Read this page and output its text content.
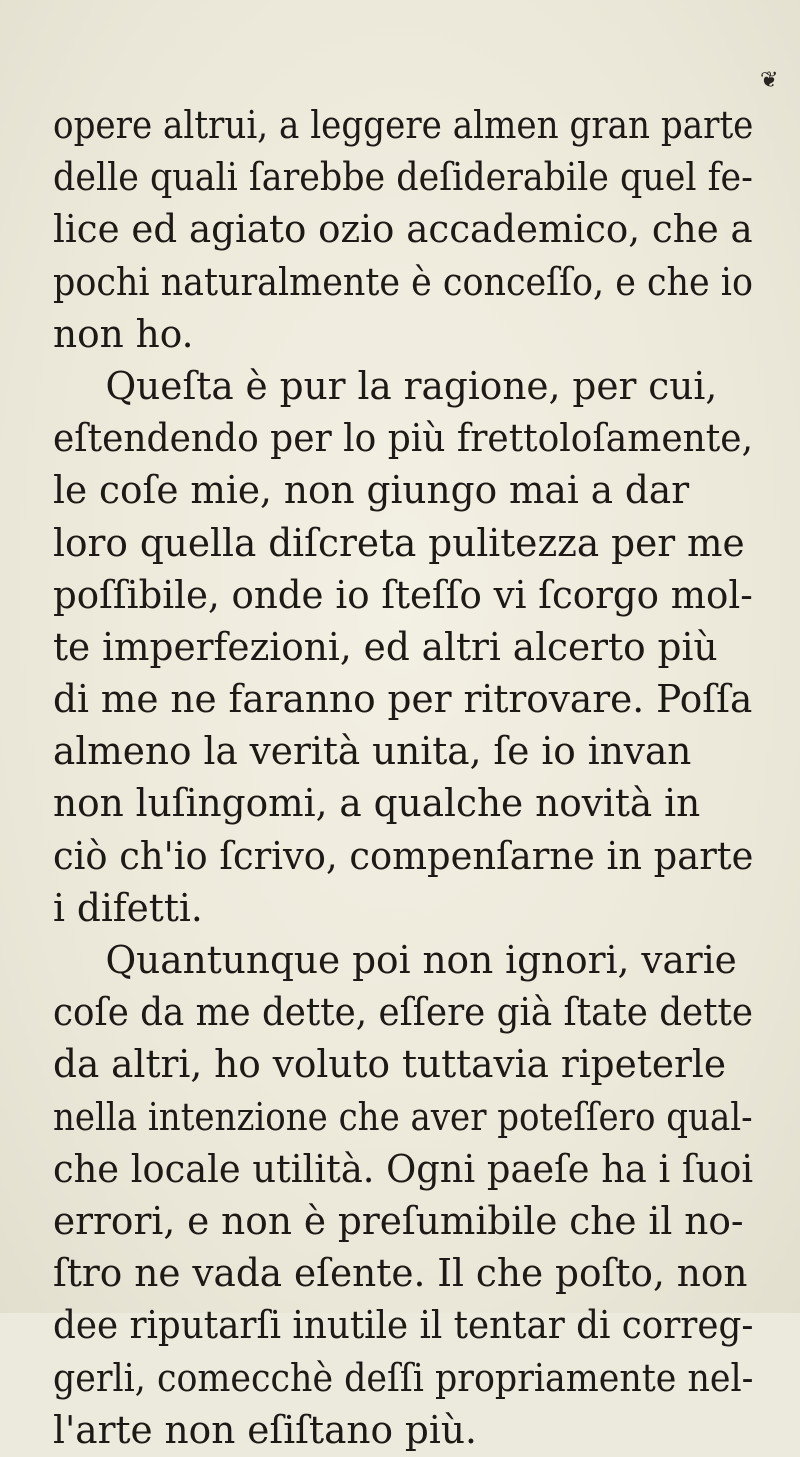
❦
opere altrui, a leggere almen gran parte
delle quali ſarebbe deſiderabile quel fe-
lice ed agiato ozio accademico, che a
pochi naturalmente è conceſſo, e che io
non ho.
Queſta è pur la ragione, per cui,
eſtendendo per lo più frettoloſamente,
le coſe mie, non giungo mai a dar
loro quella diſcreta pulitezza per me
poſſibile, onde io ſteſſo vi ſcorgo mol-
te imperfezioni, ed altri alcerto più
di me ne faranno per ritrovare. Poſſa
almeno la verità unita, ſe io invan
non luſingomi, a qualche novità in
ciò ch'io ſcrivo, compenſarne in parte
i difetti.
Quantunque poi non ignori, varie
coſe da me dette, eſſere già ſtate dette
da altri, ho voluto tuttavia ripeterle
nella intenzione che aver poteſſero qual-
che locale utilità. Ogni paeſe ha i ſuoi
errori, e non è preſumibile che il no-
ſtro ne vada eſente. Il che poſto, non
dee riputarſi inutile il tentar di correg-
gerli, comecchè deſſi propriamente nel-
l'arte non eſiſtano più.
